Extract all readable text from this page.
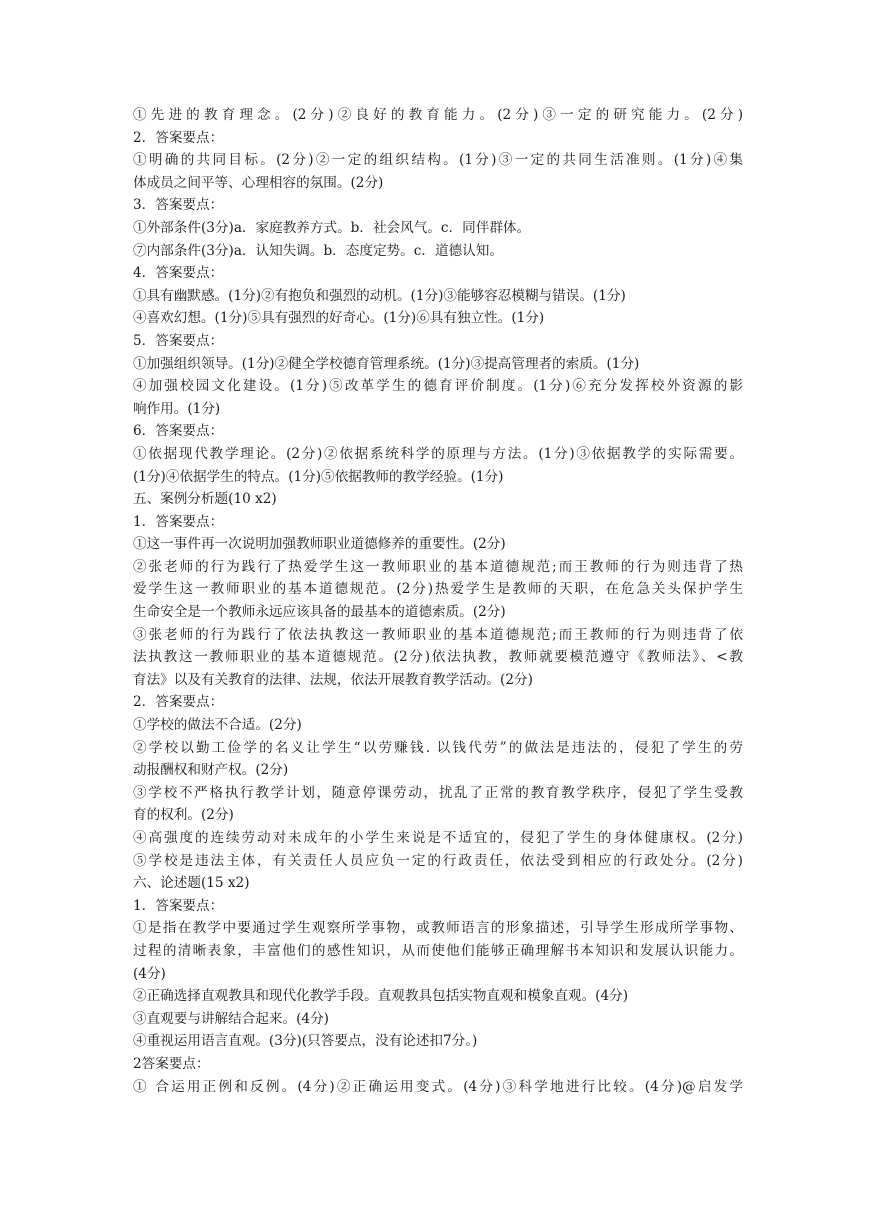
①先进的教育理念。(2分)②良好的教育能力。(2分)③一定的研究能力。(2分)
2．答案要点：
①明确的共同目标。(2分)②一定的组织结构。(1分)③一定的共同生活准则。(1分)④集
体成员之间平等、心理相容的氛围。(2分)
3．答案要点：
①外部条件(3分)a．家庭教养方式。b．社会风气。c．同伴群体。
⑦内部条件(3分)a．认知失调。b．态度定势。c．道德认知。
4．答案要点：
①具有幽默感。(1分)②有抱负和强烈的动机。(1分)③能够容忍模糊与错误。(1分)
④喜欢幻想。(1分)⑤具有强烈的好奇心。(1分)⑥具有独立性。(1分)
5．答案要点：
①加强组织领导。(1分)②健全学校德育管理系统。(1分)③提高管理者的索质。(1分)
④加强校园文化建设。(1分)⑤改革学生的德育评价制度。(1分)⑥充分发挥校外资源的影
响作用。(1分)
6．答案要点：
①依据现代教学理论。(2分)②依据系统科学的原理与方法。(1分)③依据教学的实际需要。
(1分)④依据学生的特点。(1分)⑤依据教师的教学经验。(1分)
五、案例分析题(10 x2)
1．答案要点：
①这一事件再一次说明加强教师职业道德修养的重要性。(2分)
②张老师的行为践行了热爱学生这一教师职业的基本道德规范;而王教师的行为则违背了热
爱学生这一教师职业的基本道德规范。(2分)热爱学生是教师的天职，在危急关头保护学生
生命安全是一个教师永远应该具备的最基本的道德索质。(2分)
③张老师的行为践行了依法执教这一教师职业的基本道德规范;而王教师的行为则违背了依
法执教这一教师职业的基本道德规范。(2分)依法执教，教师就要模范遵守《教师法》、<教
育法》以及有关教育的法律、法规，依法开展教育教学活动。(2分)
2．答案要点：
①学校的做法不合适。(2分)
②学校以勤工俭学的名义让学生“以劳赚钱. 以钱代劳”的做法是违法的，侵犯了学生的劳
动报酬权和财产权。(2分)
③学校不严格执行教学计划，随意停课劳动，扰乱了正常的教育教学秩序，侵犯了学生受教
育的权利。(2分)
④高强度的连续劳动对未成年的小学生来说是不适宜的，侵犯了学生的身体健康权。(2分)
⑤学校是违法主体，有关责任人员应负一定的行政责任，依法受到相应的行政处分。(2分)
六、论述题(15 x2)
1．答案要点：
①是指在教学中要通过学生观察所学事物，或教师语言的形象描述，引导学生形成所学事物、
过程的清晰表象，丰富他们的感性知识，从而使他们能够正确理解书本知识和发展认识能力。
(4分)
②正确选择直观教具和现代化教学手段。直观教具包括实物直观和模象直观。(4分)
③直观要与讲解结合起来。(4分)
④重视运用语言直观。(3分)(只答要点，没有论述扣7分。)
2答案要点：
① 合运用正例和反例。(4分)②正确运用变式。(4分)③科学地进行比较。(4分)@启发学
